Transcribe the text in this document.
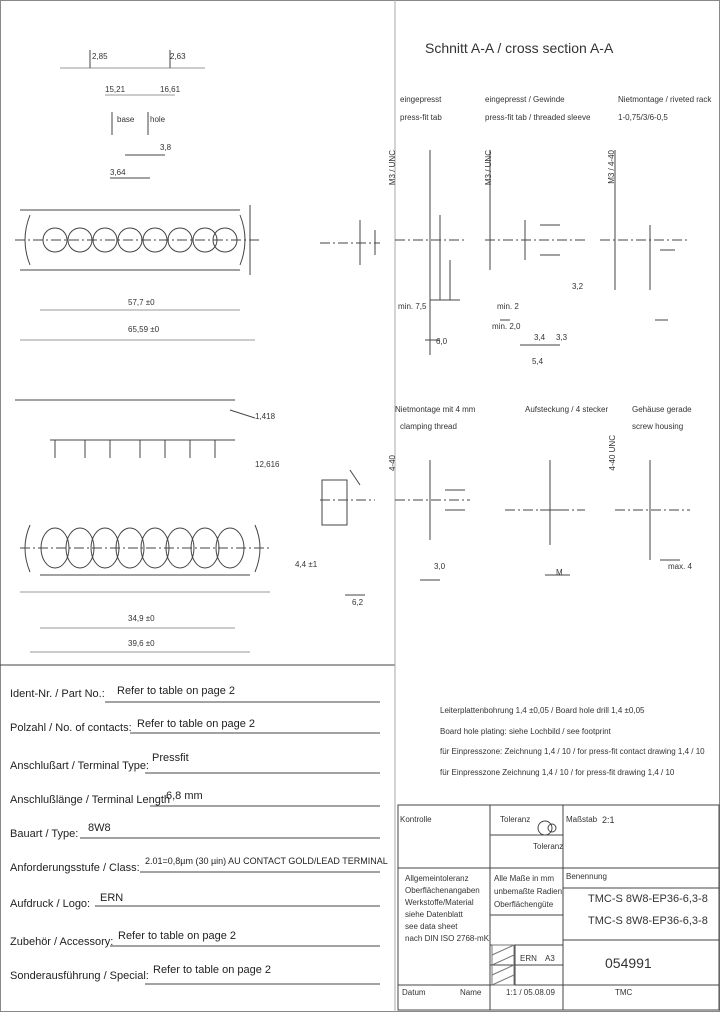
Schnitt A-A / cross section A-A
eingepresst
press-fit tab
eingepresst / Gewinde
press-fit tab / threaded sleeve
Nietmontage / riveted rack
1-0,75/3/6-0,5
Nietmontage mit 4 mm
clamping thread
Aufsteckung / 4 stecker	Gehäuse gerade
screw housing
2,85	2,63
15,21	16,61
base hole
3,8
3,64
57,7 ±0
65,59 ±0
1,418
12,616
34,9 ±0
39,6 ±0
4,4 ±1
6,2
6,0
min. 7,5	min. 2
min. 2,0
3,2
3,4 3,3
5,4
3,0	max. 4
M
M3 / UNC	M3 / UNC	M3 / 4-40
4-40	4-40 UNC
Leiterplattenbohrung 1,4 ±0,05 / Board hole drill 1,4 ±0,05
Board hole plating: siehe Lochbild / see footprint
für Einpresszone: Zeichnung 1,4 / 10 / for press-fit contact drawing 1,4 / 10
für Einpresszone Zeichnung 1,4 / 10 / for press-fit drawing 1,4 / 10
Ident-Nr. / Part No.: Refer to table on page 2
Polzahl / No. of contacts: Refer to table on page 2
Anschlußart / Terminal Type:
Pressfit
Anschlußlänge / Terminal Length
6,8 mm
Bauart / Type: 8W8
Anforderungsstufe / Class:
2.01=0,8µm (30 µin) AU CONTACT GOLD/LEAD TERMINAL
Aufdruck / Logo: ERN
Zubehör / Accessory: Refer to table on page 2
Sonderausführung / Special: Refer to table on page 2
Kontrolle	Toleranz
Toleranz
Maßstab 2:1
Allgemeintoleranz
Oberflächenangaben
Werkstoffe/Material
siehe Datenblatt
see data sheet
nach DIN ISO 2768-mK
Alle Maße in mm
unbemaßte Radien
Oberflächengüte
Benennung
TMC-S 8W8-EP36-6,3-8
TMC-S 8W8-EP36-6,3-8
054991
ERN A3
1:1 / 05.08.09
Datum	Name	TMC
